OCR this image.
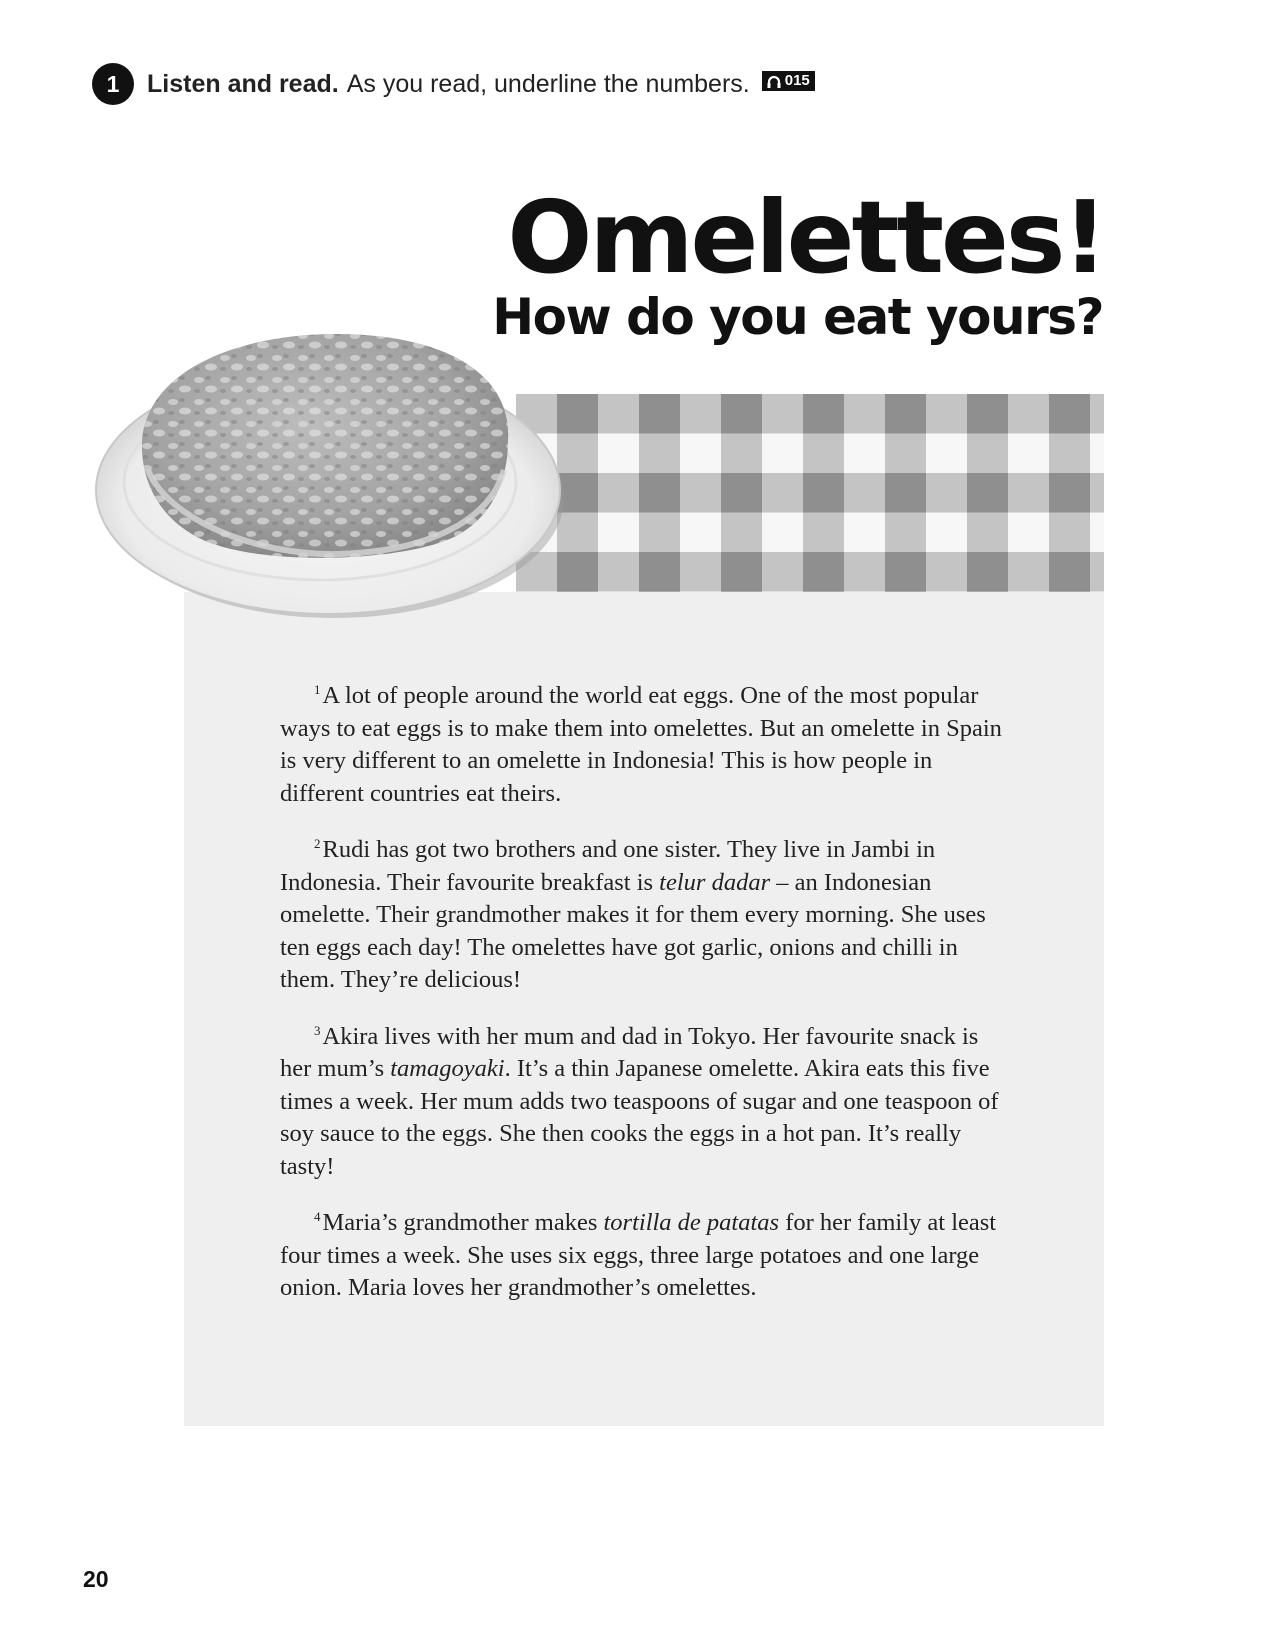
1	Listen and read. As you read, underline the numbers. 015
Omelettes!
How do you eat yours?

$^1$A lot of people around the world eat eggs. One of the most popular ways to eat eggs is to make them into omelettes. But an omelette in Spain is very different to an omelette in Indonesia! This is how people in different countries eat theirs.

$^2$Rudi has got two brothers and one sister. They live in Jambi in Indonesia. Their favourite breakfast is telur dadar – an Indonesian omelette. Their grandmother makes it for them every morning. She uses ten eggs each day! The omelettes have got garlic, onions and chilli in them. They’re delicious!

$^3$Akira lives with her mum and dad in Tokyo. Her favourite snack is her mum’s tamagoyaki. It’s a thin Japanese omelette. Akira eats this five times a week. Her mum adds two teaspoons of sugar and one teaspoon of soy sauce to the eggs. She then cooks the eggs in a hot pan. It’s really tasty!

$^4$Maria’s grandmother makes tortilla de patatas for her family at least four times a week. She uses six eggs, three large potatoes and one large onion. Maria loves her grandmother’s omelettes.

20
